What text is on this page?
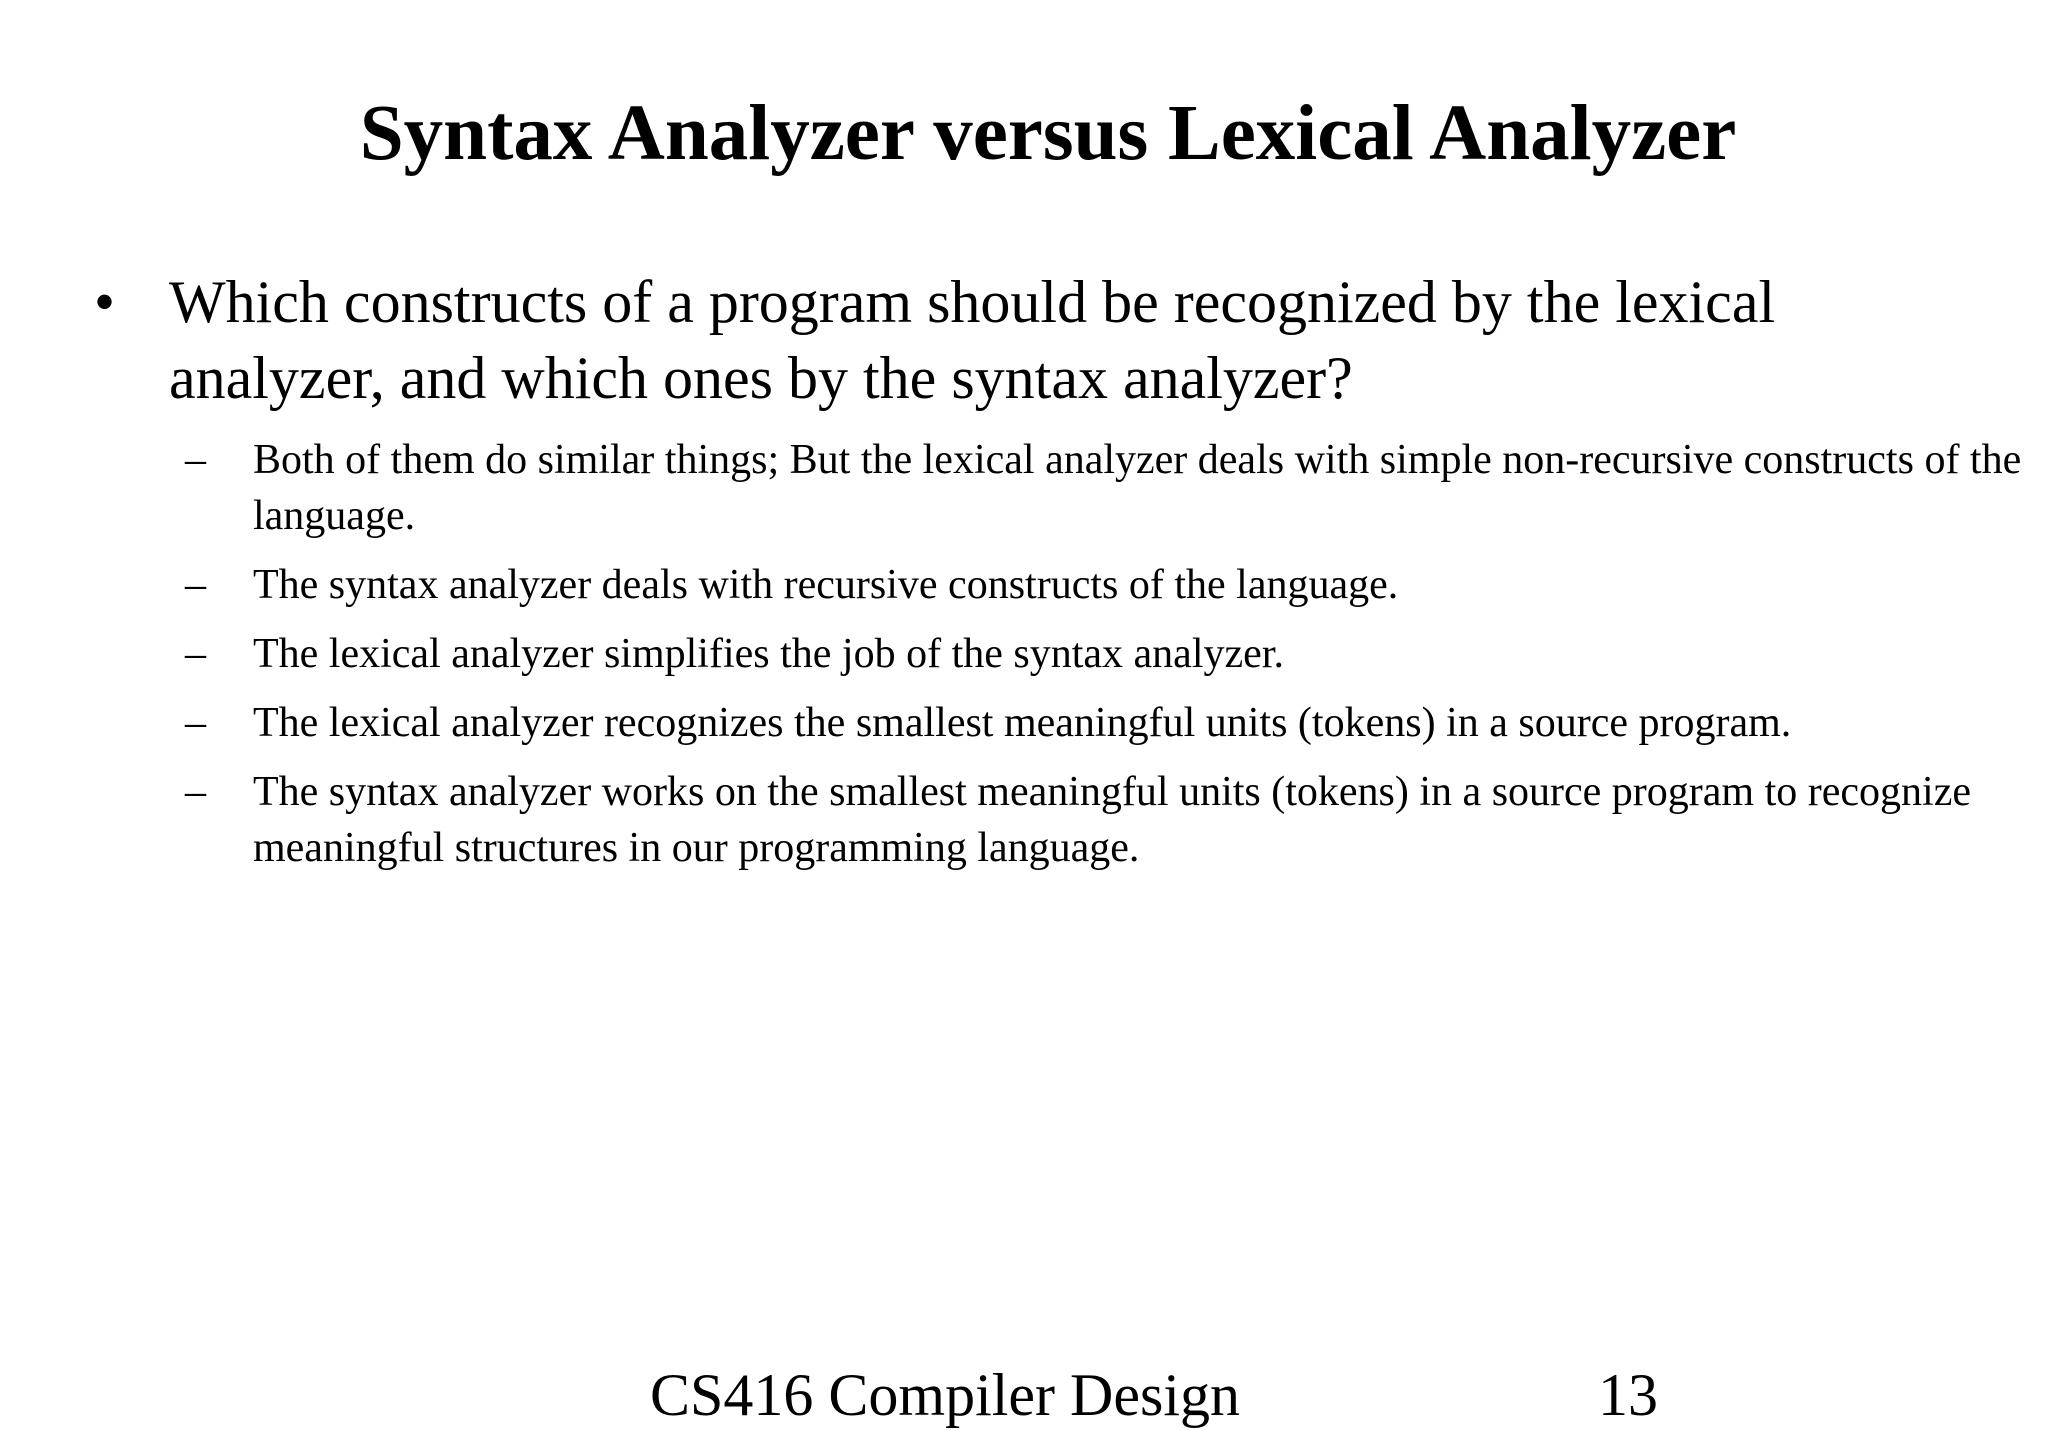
Syntax Analyzer versus Lexical Analyzer
• Which constructs of a program should be recognized by the lexical analyzer, and which ones by the syntax analyzer?
– Both of them do similar things; But the lexical analyzer deals with simple non-recursive constructs of the language.
– The syntax analyzer deals with recursive constructs of the language.
– The lexical analyzer simplifies the job of the syntax analyzer.
– The lexical analyzer recognizes the smallest meaningful units (tokens) in a source program.
– The syntax analyzer works on the smallest meaningful units (tokens) in a source program to recognize meaningful structures in our programming language.
CS416 Compiler Design	13
